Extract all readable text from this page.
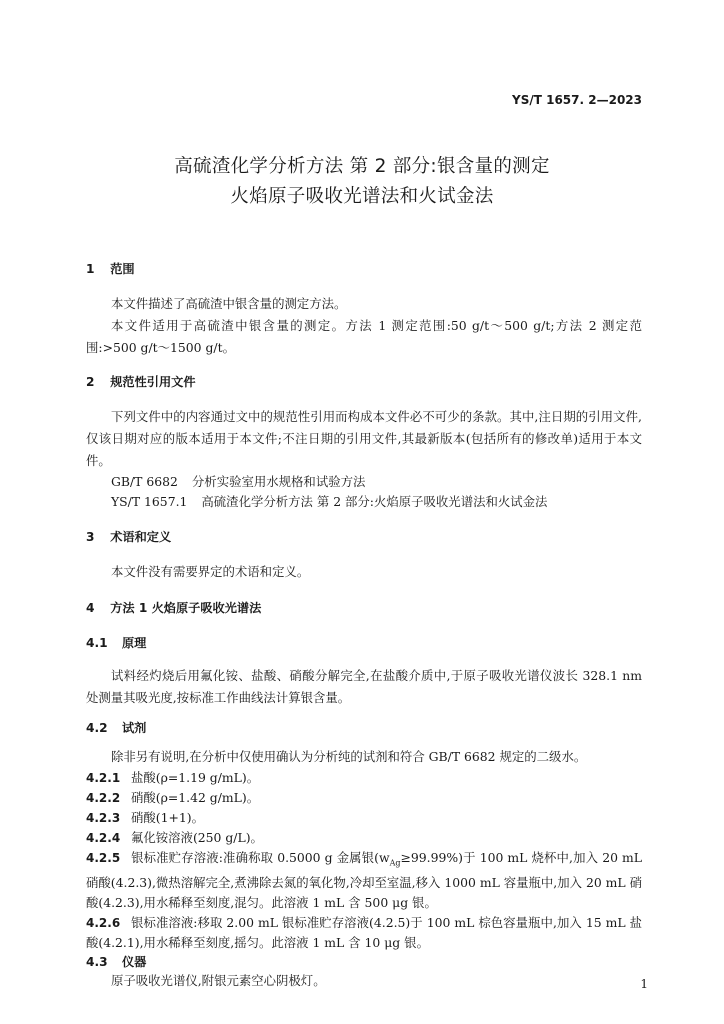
YS/T 1657. 2—2023
高硫渣化学分析方法 第 2 部分:银含量的测定
火焰原子吸收光谱法和火试金法
1 范围

本文件描述了高硫渣中银含量的测定方法。

本文件适用于高硫渣中银含量的测定。方法 1 测定范围:50 g/t～500 g/t;方法 2 测定范围:>500 g/t～1500 g/t。

2 规范性引用文件

下列文件中的内容通过文中的规范性引用而构成本文件必不可少的条款。其中,注日期的引用文件,仅该日期对应的版本适用于本文件;不注日期的引用文件,其最新版本(包括所有的修改单)适用于本文件。

GB/T 6682 分析实验室用水规格和试验方法
YS/T 1657.1 高硫渣化学分析方法 第 2 部分:火焰原子吸收光谱法和火试金法
3 术语和定义

本文件没有需要界定的术语和定义。

4 方法 1 火焰原子吸收光谱法
4.1 原理

试料经灼烧后用氟化铵、盐酸、硝酸分解完全,在盐酸介质中,于原子吸收光谱仪波长 328.1 nm 处测量其吸光度,按标准工作曲线法计算银含量。

4.2 试剂

除非另有说明,在分析中仅使用确认为分析纯的试剂和符合 GB/T 6682 规定的二级水。

4.2.1 盐酸(ρ=1.19 g/mL)。
4.2.2 硝酸(ρ=1.42 g/mL)。
4.2.3 硝酸(1+1)。
4.2.4 氟化铵溶液(250 g/L)。
4.2.5 银标准贮存溶液:准确称取 0.5000 g 金属银$(w_{Ag}\ge 99.99\%)$于 100 mL 烧杯中,加入 20 mL 硝酸(4.2.3),微热溶解完全,煮沸除去氮的氧化物,冷却至室温,移入 1000 mL 容量瓶中,加入 20 mL 硝酸(4.2.3),用水稀释至刻度,混匀。此溶液 1 mL 含 500 μg 银。
4.2.6 银标准溶液:移取 2.00 mL 银标准贮存溶液(4.2.5)于 100 mL 棕色容量瓶中,加入 15 mL 盐酸(4.2.1),用水稀释至刻度,摇匀。此溶液 1 mL 含 10 μg 银。
4.3 仪器

原子吸收光谱仪,附银元素空心阴极灯。	1
